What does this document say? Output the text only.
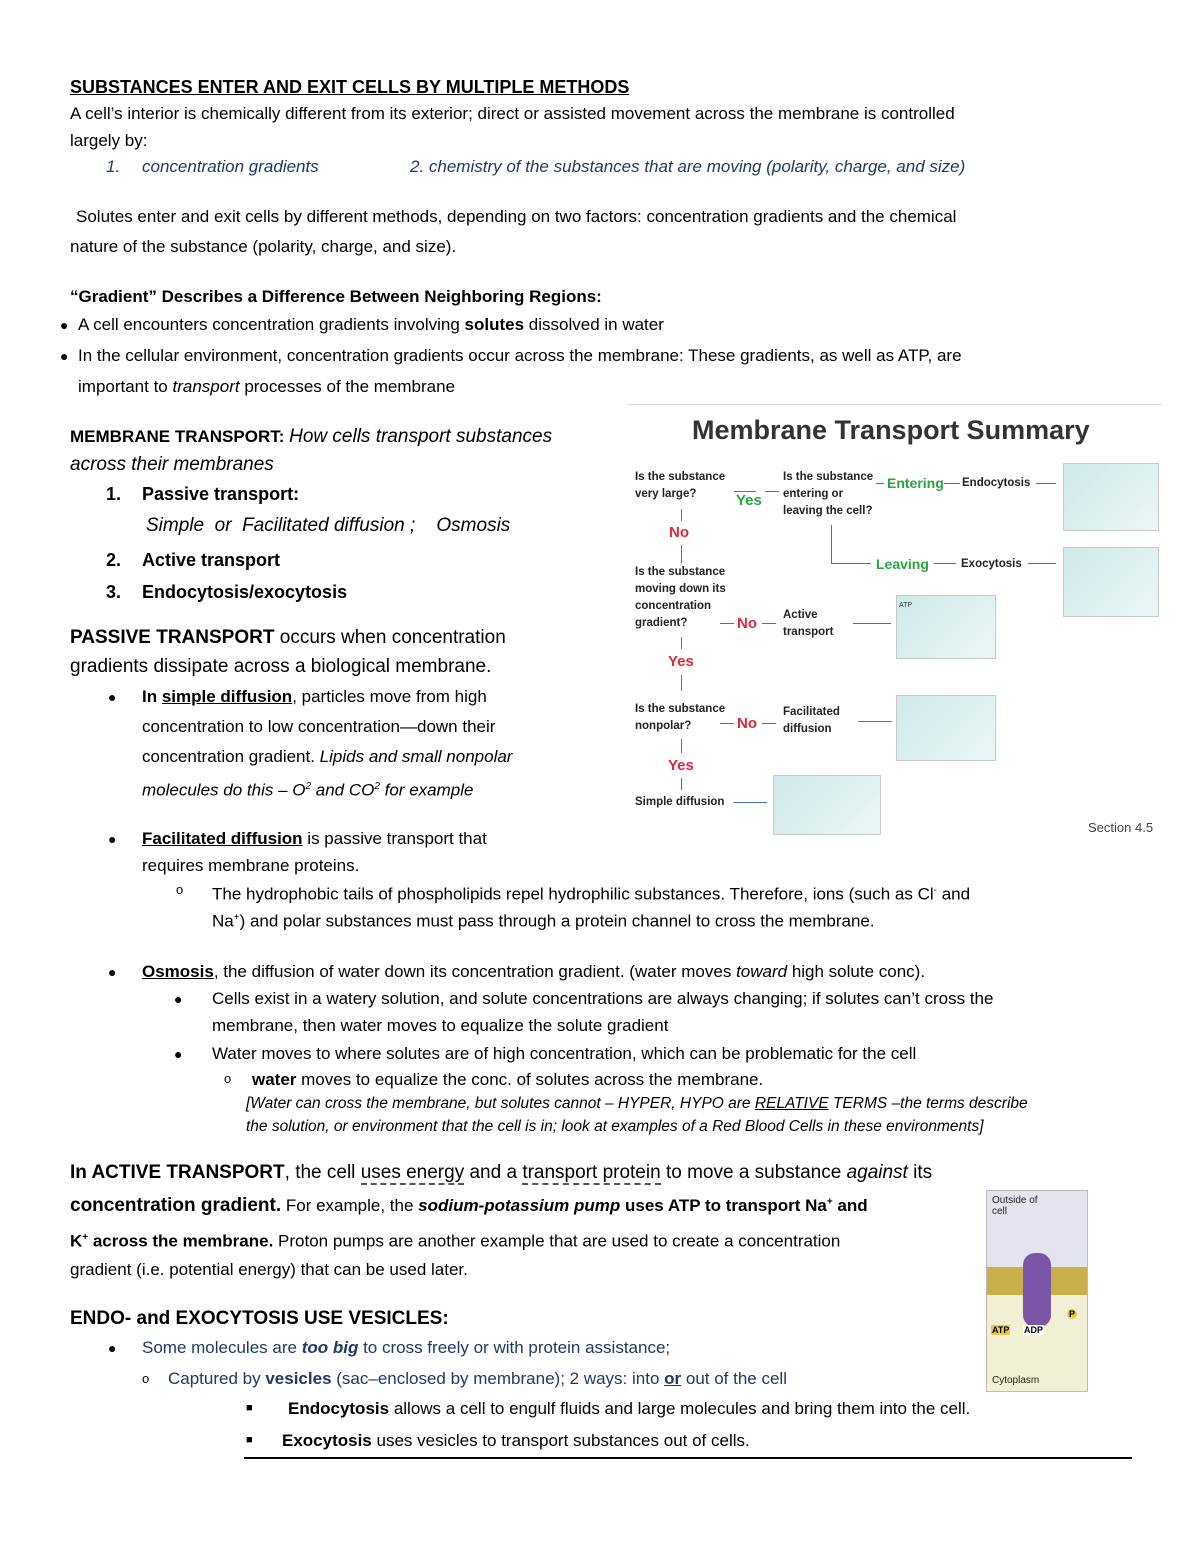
SUBSTANCES ENTER AND EXIT CELLS BY MULTIPLE METHODS
A cell’s interior is chemically different from its exterior; direct or assisted movement across the membrane is controlled
largely by:
1. concentration gradients	2. chemistry of the substances that are moving (polarity, charge, and size)
Solutes enter and exit cells by different methods, depending on two factors: concentration gradients and the chemical
nature of the substance (polarity, charge, and size).
“Gradient” Describes a Difference Between Neighboring Regions:
● A cell encounters concentration gradients involving solutes dissolved in water
● In the cellular environment, concentration gradients occur across the membrane: These gradients, as well as ATP, are
important to transport processes of the membrane
MEMBRANE TRANSPORT: How cells transport substances
across their membranes
1. Passive transport:
Simple  or  Facilitated diffusion ;    Osmosis
2. Active transport
3. Endocytosis/exocytosis
PASSIVE TRANSPORT occurs when concentration
gradients dissipate across a biological membrane.
● In simple diffusion, particles move from high
concentration to low concentration—down their
concentration gradient. Lipids and small nonpolar
molecules do this – $O^2$ and $CO^2$ for example
● Facilitated diffusion is passive transport that
requires membrane proteins.
o The hydrophobic tails of phospholipids repel hydrophilic substances. Therefore, ions (such as Cl- and
Na+) and polar substances must pass through a protein channel to cross the membrane.
● Osmosis, the diffusion of water down its concentration gradient. (water moves toward high solute conc).
● Cells exist in a watery solution, and solute concentrations are always changing; if solutes can’t cross the
membrane, then water moves to equalize the solute gradient
● Water moves to where solutes are of high concentration, which can be problematic for the cell
o water moves to equalize the conc. of solutes across the membrane.
[Water can cross the membrane, but solutes cannot – HYPER, HYPO are RELATIVE TERMS –the terms describe
the solution, or environment that the cell is in; look at examples of a Red Blood Cells in these environments]
In ACTIVE TRANSPORT, the cell uses energy and a transport protein to move a substance against its
concentration gradient. For example, the sodium-potassium pump uses ATP to transport Na+ and
K+ across the membrane. Proton pumps are another example that are used to create a concentration
gradient (i.e. potential energy) that can be used later.
ENDO- and EXOCYTOSIS USE VESICLES:
● Some molecules are too big to cross freely or with protein assistance;
o Captured by vesicles (sac–enclosed by membrane); 2 ways: into or out of the cell
■ Endocytosis allows a cell to engulf fluids and large molecules and bring them into the cell.
■ Exocytosis uses vesicles to transport substances out of cells.
Membrane Transport Summary
Is the substance
very large?	Yes
Is the substance
entering or
leaving the cell?
Entering Endocytosis
Leaving	Exocytosis
No
Is the substance
moving down its
concentration
gradient?	No Active
transport
ATP
Yes
Is the substance
nonpolar?	No
Facilitated
diffusion
Yes
Simple diffusion
Section 4.5
Outside of
cell
ATP ADP
P
Cytoplasm
